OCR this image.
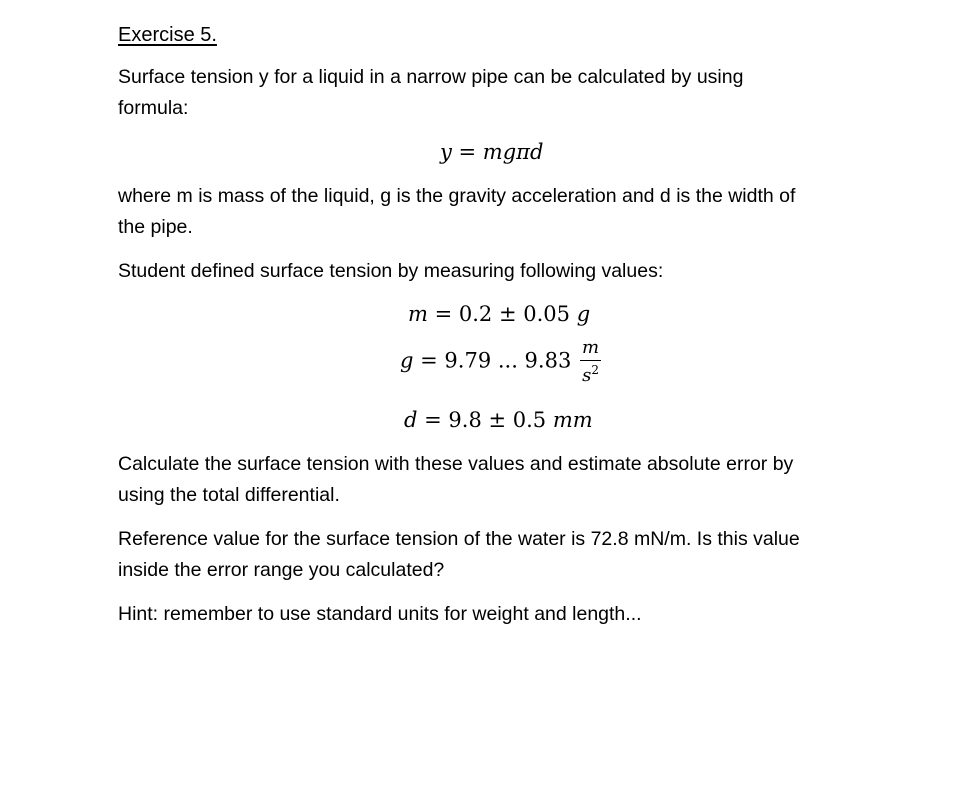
Exercise 5.
Surface tension y for a liquid in a narrow pipe can be calculated by using
formula:
y = mgπd
where m is mass of the liquid, g is the gravity acceleration and d is the width of
the pipe.
Student defined surface tension by measuring following values:
m = 0.2 ± 0.05 g
g = 9.79 ... $9.83 \frac{m}{s^2}$
d = 9.8 ± 0.5 mm
Calculate the surface tension with these values and estimate absolute error by
using the total differential.
Reference value for the surface tension of the water is 72.8 mN/m. Is this value
inside the error range you calculated?
Hint: remember to use standard units for weight and length...
